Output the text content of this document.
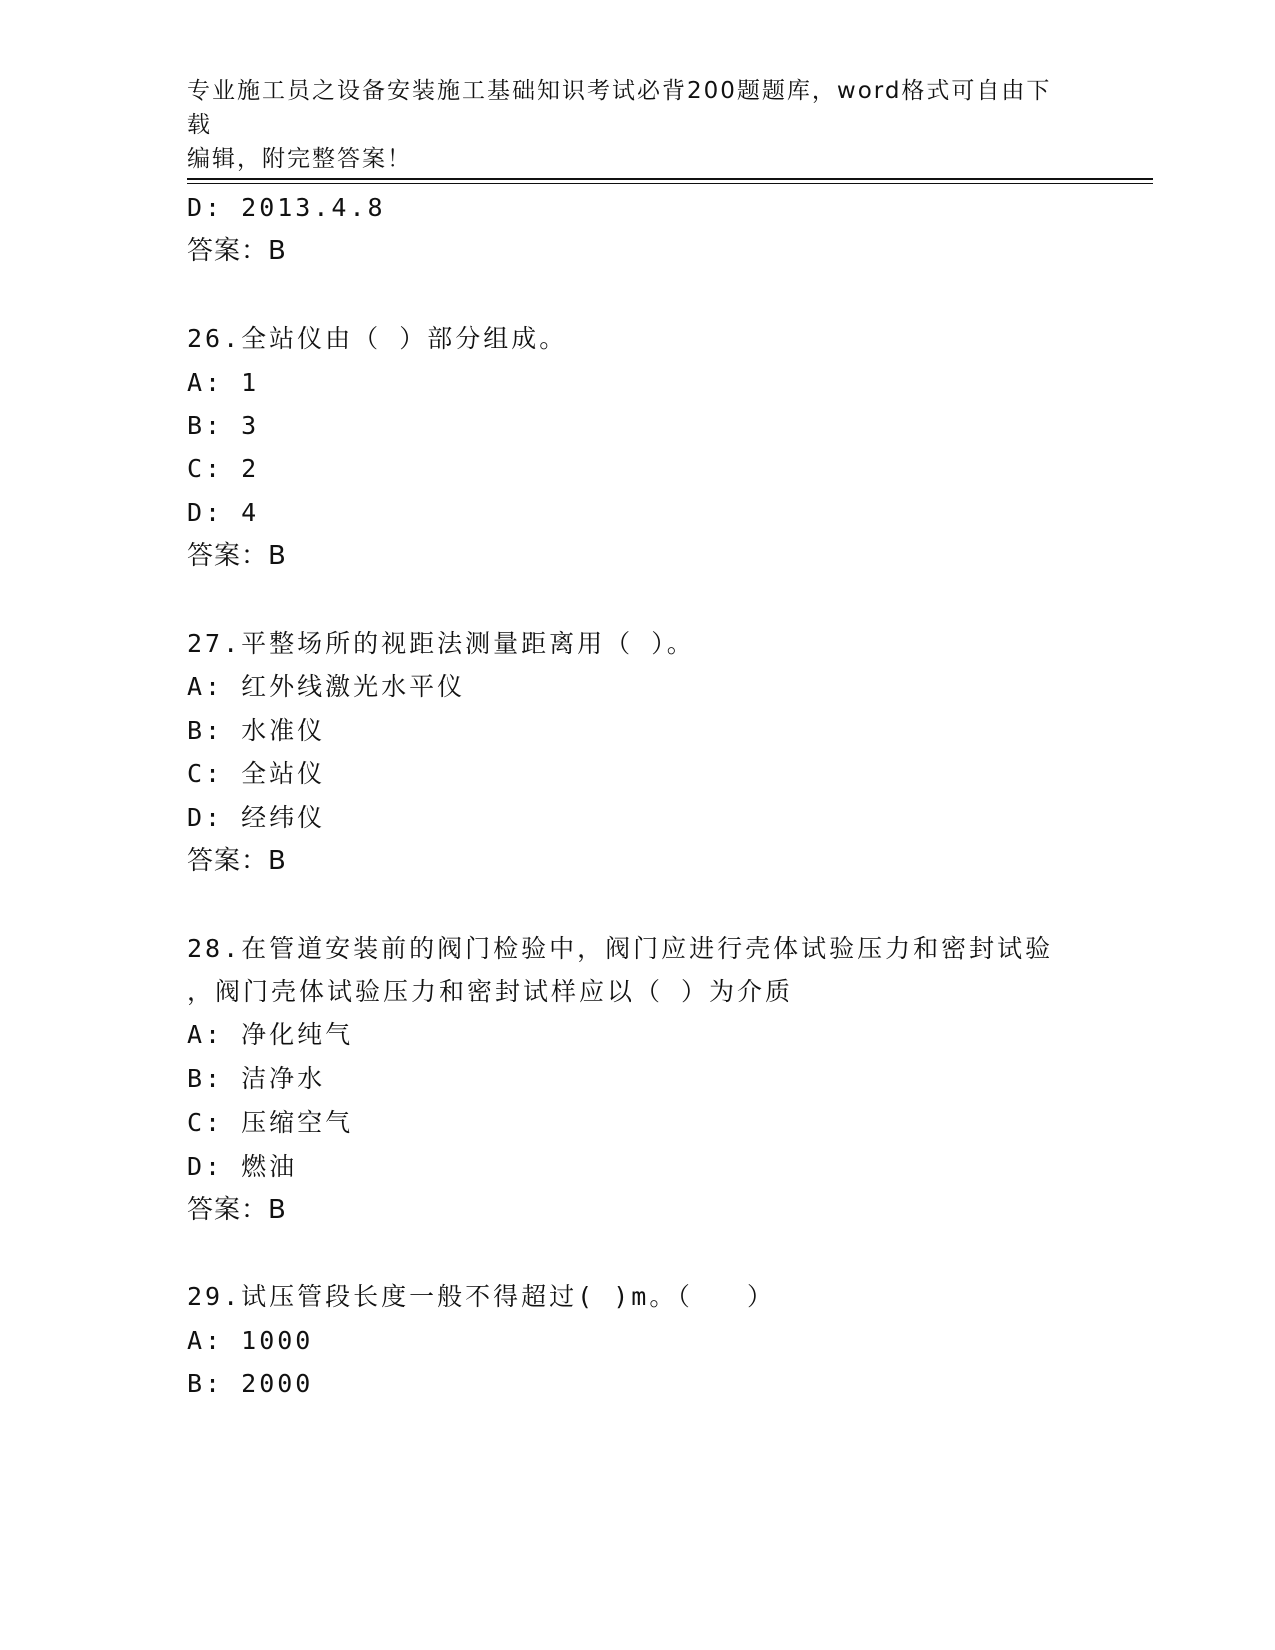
专业施工员之设备安装施工基础知识考试必背200题题库，word格式可自由下载
编辑，附完整答案！
D: 2013.4.8
答案：B
26.全站仪由（ ）部分组成。
A: 1
B: 3
C: 2
D: 4
答案：B
27.平整场所的视距法测量距离用（ ）。
A: 红外线激光水平仪
B: 水准仪
C: 全站仪
D: 经纬仪
答案：B
28.在管道安装前的阀门检验中，阀门应进行壳体试验压力和密封试验
，阀门壳体试验压力和密封试样应以（ ）为介质
A: 净化纯气
B: 洁净水
C: 压缩空气
D: 燃油
答案：B
29.试压管段长度一般不得超过( )m。（   ）
A: 1000
B: 2000
